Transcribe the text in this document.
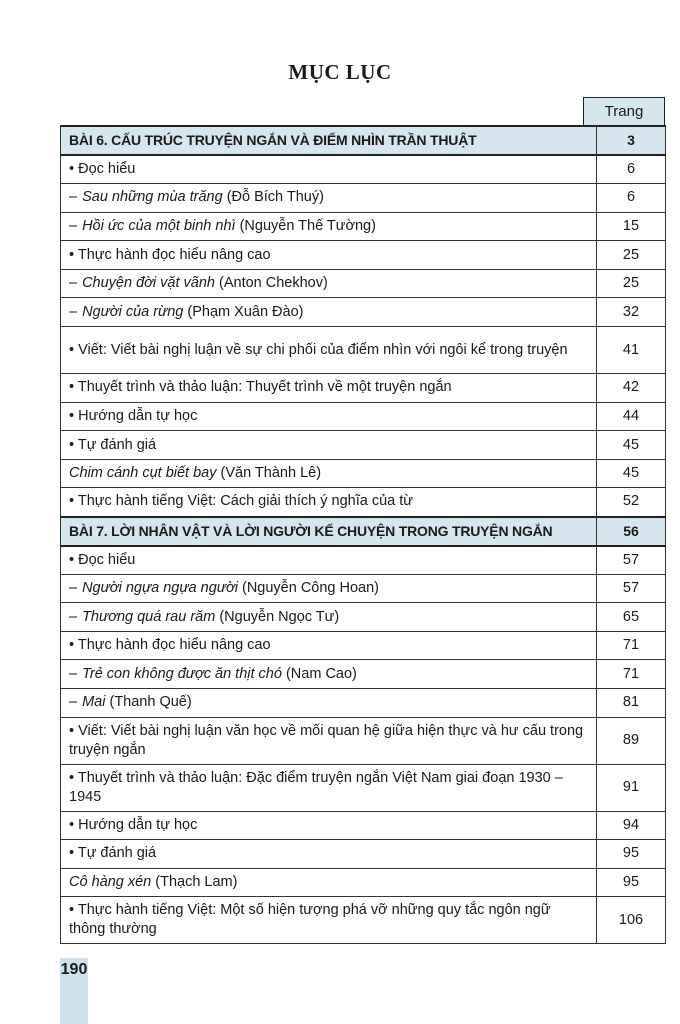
MỤC LỤC
Trang
BÀI 6. CẤU TRÚC TRUYỆN NGẮN VÀ ĐIỂM NHÌN TRẦN THUẬT	3
• Đọc hiểu	6
– Sau những mùa trăng (Đỗ Bích Thuý)	6
– Hồi ức của một binh nhì (Nguyễn Thế Tường)	15
• Thực hành đọc hiểu nâng cao	25
– Chuyện đời vặt vãnh (Anton Chekhov)	25
– Người của rừng (Phạm Xuân Đào)	32
• Viết: Viết bài nghị luận về sự chi phối của điểm nhìn với ngôi kể trong truyện	41
• Thuyết trình và thảo luận: Thuyết trình về một truyện ngắn	42
• Hướng dẫn tự học	44
• Tự đánh giá	45
Chim cánh cụt biết bay (Văn Thành Lê)	45
• Thực hành tiếng Việt: Cách giải thích ý nghĩa của từ	52
BÀI 7. LỜI NHÂN VẬT VÀ LỜI NGƯỜI KỂ CHUYỆN TRONG TRUYỆN NGẮN	56
• Đọc hiểu	57
– Người ngựa ngựa người (Nguyễn Công Hoan)	57
– Thương quá rau răm (Nguyễn Ngọc Tư)	65
• Thực hành đọc hiểu nâng cao	71
– Trẻ con không được ăn thịt chó (Nam Cao)	71
– Mai (Thanh Quế)	81
• Viết: Viết bài nghị luận văn học về mối quan hệ giữa hiện thực và hư cấu trong truyện ngắn	89
• Thuyết trình và thảo luận: Đặc điểm truyện ngắn Việt Nam giai đoạn 1930 – 1945	91
• Hướng dẫn tự học	94
• Tự đánh giá	95
Cô hàng xén (Thạch Lam)	95
• Thực hành tiếng Việt: Một số hiện tượng phá vỡ những quy tắc ngôn ngữ thông thường	106
190
